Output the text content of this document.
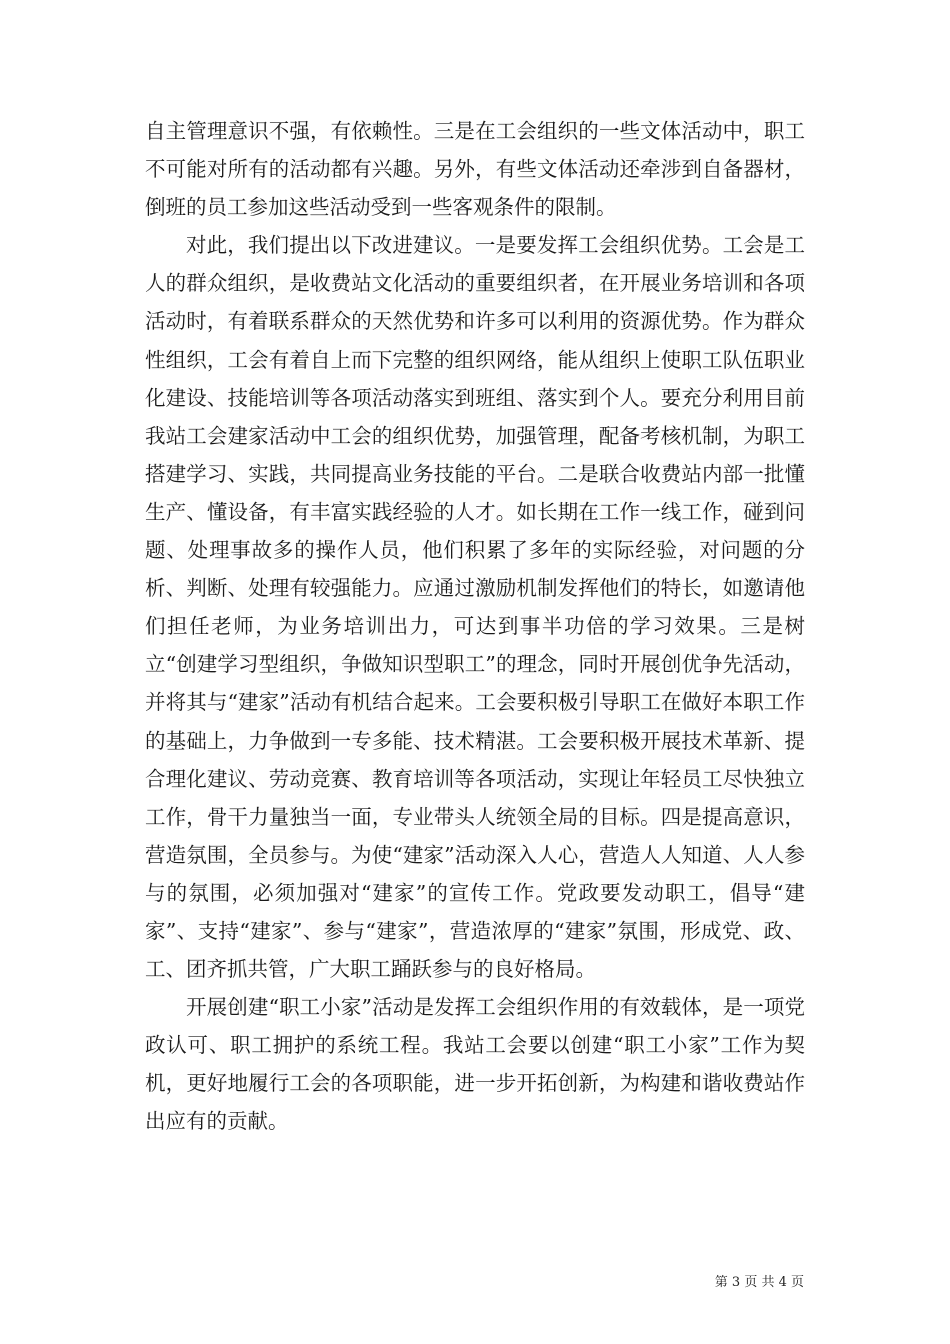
自主管理意识不强，有依赖性。三是在工会组织的一些文体活动中，职工不可能对所有的活动都有兴趣。另外，有些文体活动还牵涉到自备器材，倒班的员工参加这些活动受到一些客观条件的限制。

对此，我们提出以下改进建议。一是要发挥工会组织优势。工会是工人的群众组织，是收费站文化活动的重要组织者，在开展业务培训和各项活动时，有着联系群众的天然优势和许多可以利用的资源优势。作为群众性组织，工会有着自上而下完整的组织网络，能从组织上使职工队伍职业化建设、技能培训等各项活动落实到班组、落实到个人。要充分利用目前我站工会建家活动中工会的组织优势，加强管理，配备考核机制，为职工搭建学习、实践，共同提高业务技能的平台。二是联合收费站内部一批懂生产、懂设备，有丰富实践经验的人才。如长期在工作一线工作，碰到问题、处理事故多的操作人员，他们积累了多年的实际经验，对问题的分析、判断、处理有较强能力。应通过激励机制发挥他们的特长，如邀请他们担任老师，为业务培训出力，可达到事半功倍的学习效果。三是树立“创建学习型组织，争做知识型职工”的理念，同时开展创优争先活动，并将其与“建家”活动有机结合起来。工会要积极引导职工在做好本职工作的基础上，力争做到一专多能、技术精湛。工会要积极开展技术革新、提合理化建议、劳动竞赛、教育培训等各项活动，实现让年轻员工尽快独立工作，骨干力量独当一面，专业带头人统领全局的目标。四是提高意识，营造氛围，全员参与。为使“建家”活动深入人心，营造人人知道、人人参与的氛围，必须加强对“建家”的宣传工作。党政要发动职工，倡导“建家”、支持“建家”、参与“建家”，营造浓厚的“建家”氛围，形成党、政、工、团齐抓共管，广大职工踊跃参与的良好格局。

开展创建“职工小家”活动是发挥工会组织作用的有效载体，是一项党政认可、职工拥护的系统工程。我站工会要以创建“职工小家”工作为契机，更好地履行工会的各项职能，进一步开拓创新，为构建和谐收费站作出应有的贡献。

第 3 页 共 4 页
